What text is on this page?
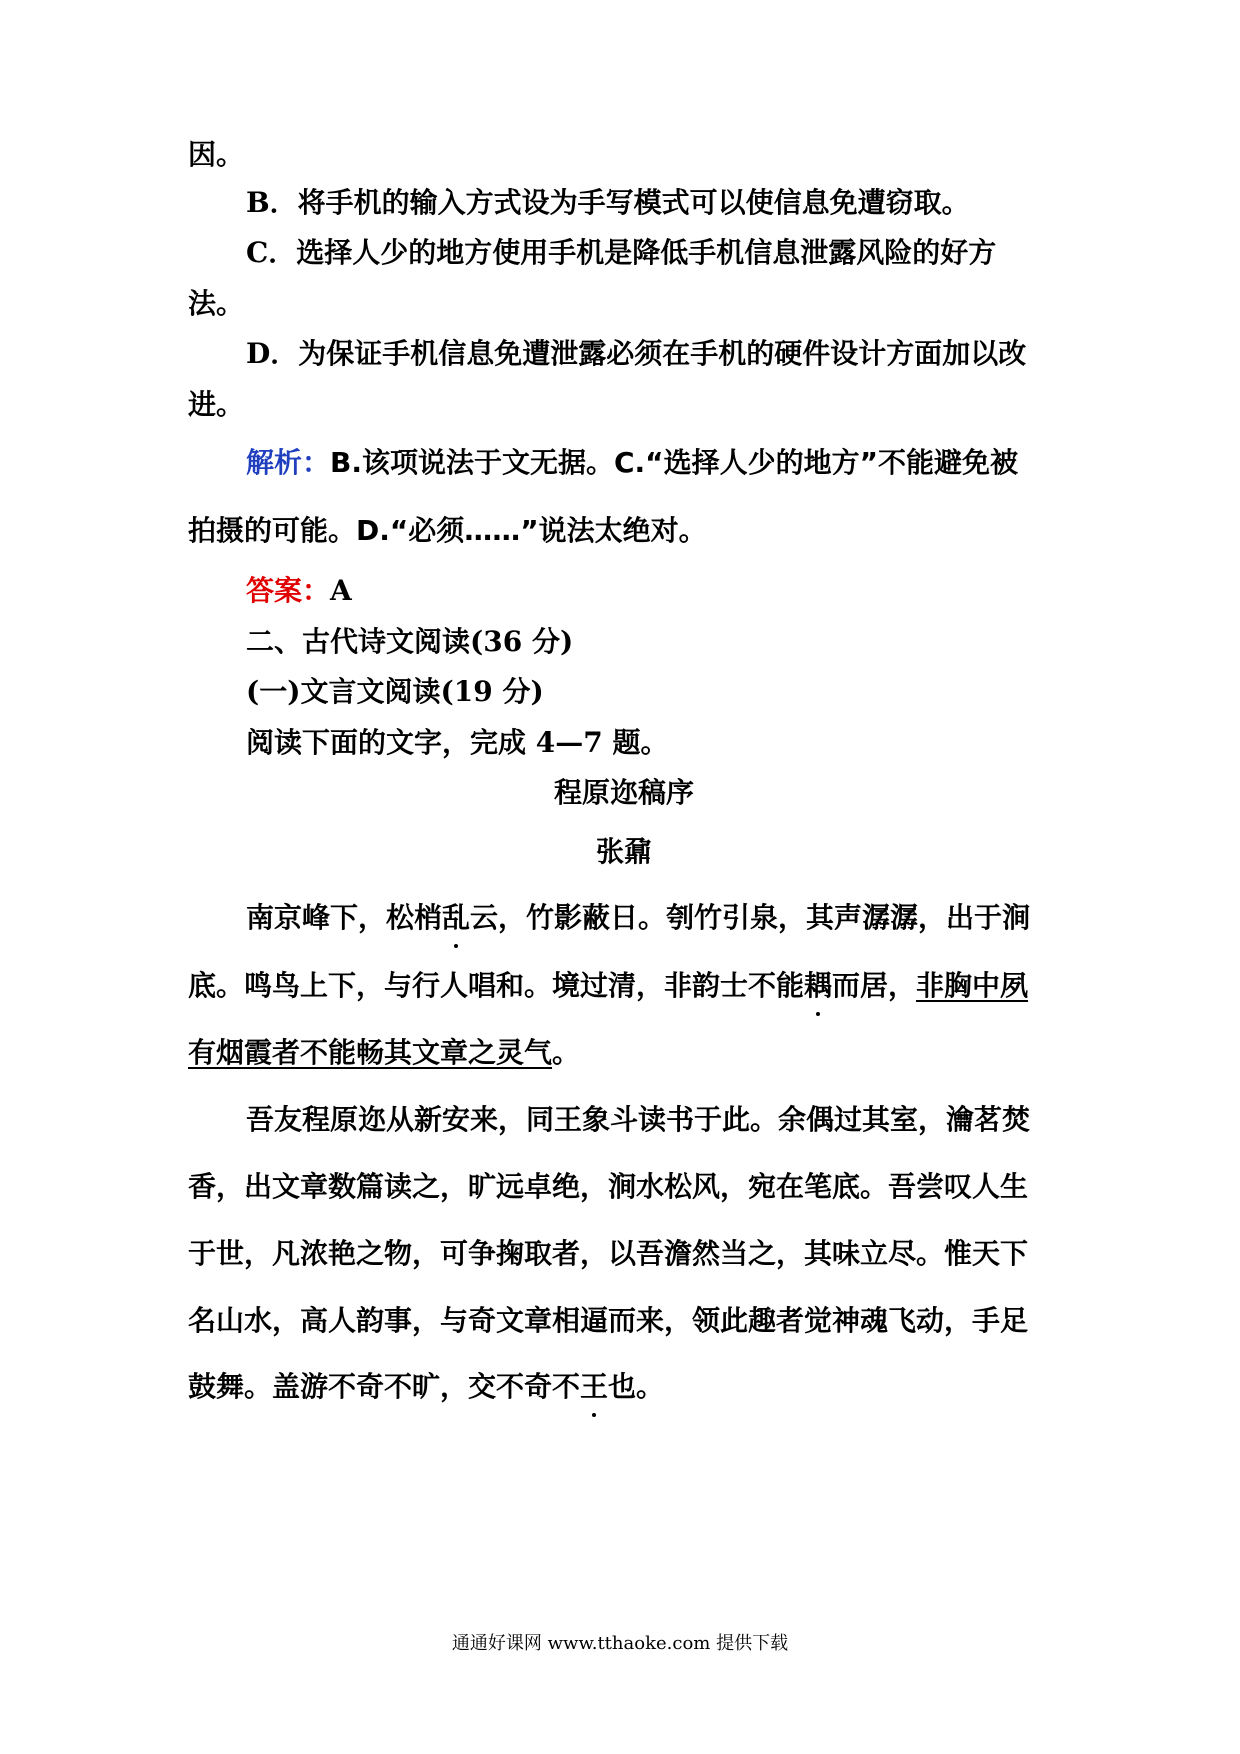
因。
B．将手机的输入方式设为手写模式可以使信息免遭窃取。
C．选择人少的地方使用手机是降低手机信息泄露风险的好方
法。
D．为保证手机信息免遭泄露必须在手机的硬件设计方面加以改
进。
解析：B.该项说法于文无据。C.“选择人少的地方”不能避免被
拍摄的可能。D.“必须……”说法太绝对。
答案：A
二、古代诗文阅读(36 分)
(一)文言文阅读(19 分)
阅读下面的文字，完成 4—7 题。
程原迩稿序
张鼐
南京峰下，松梢乱云，竹影蔽日。刳竹引泉，其声潺潺，出于涧
底。鸣鸟上下，与行人唱和。境过清，非韵士不能耦而居，非胸中夙
有烟霞者不能畅其文章之灵气。
吾友程原迩从新安来，同王象斗读书于此。余偶过其室，瀹茗焚
香，出文章数篇读之，旷远卓绝，涧水松风，宛在笔底。吾尝叹人生
于世，凡浓艳之物，可争掬取者，以吾澹然当之，其味立尽。惟天下
名山水，高人韵事，与奇文章相逼而来，领此趣者觉神魂飞动，手足
鼓舞。盖游不奇不旷，交不奇不王也。
通通好课网 www.tthaoke.com 提供下载
